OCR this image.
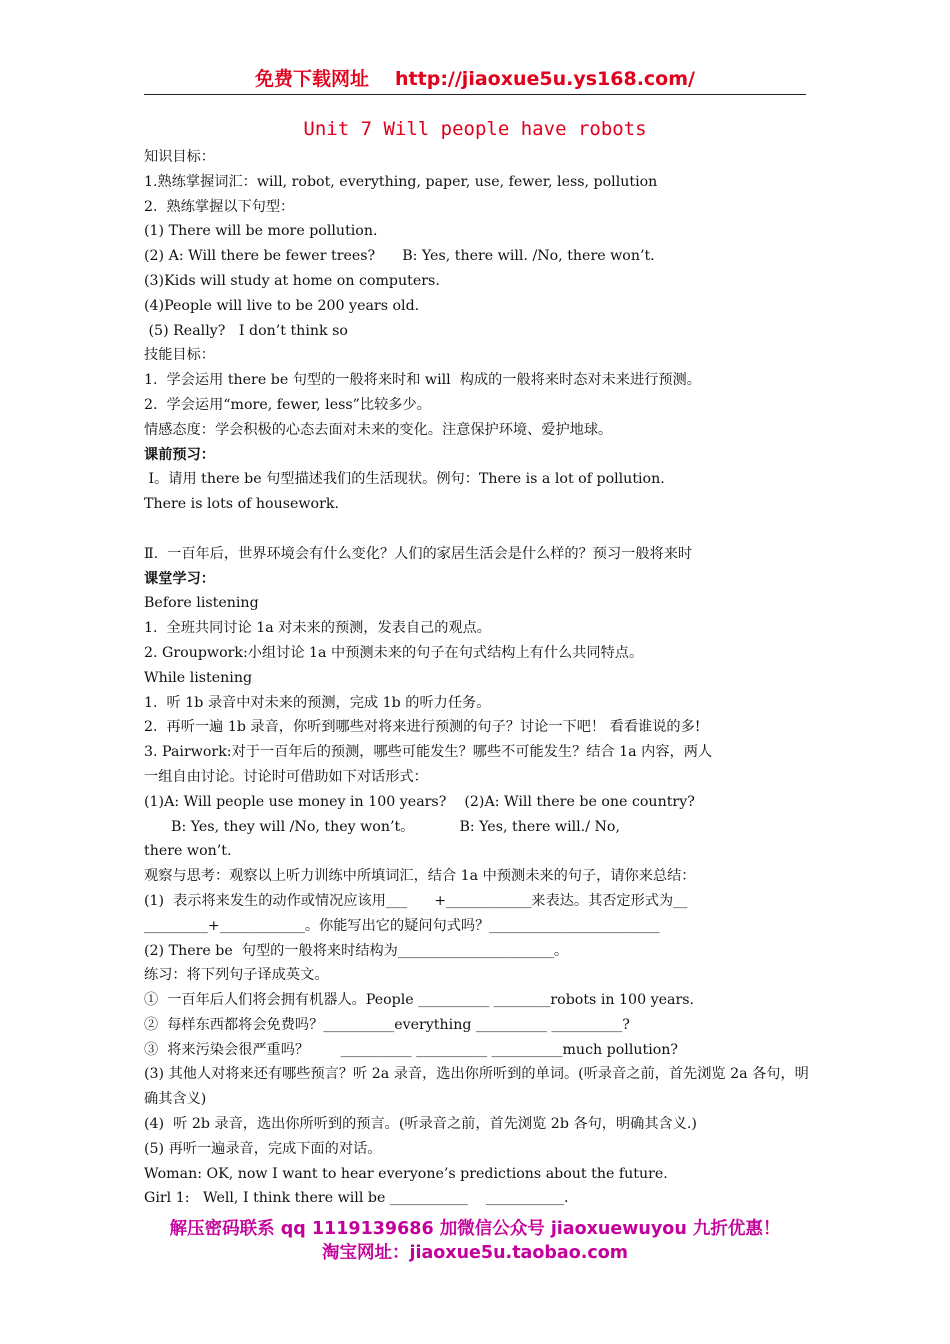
免费下载网址 http://jiaoxue5u.ys168.com/
Unit 7 Will people have robots
知识目标：
1.熟练掌握词汇：will, robot, everything, paper, use, fewer, less, pollution
2.  熟练掌握以下句型：
(1) There will be more pollution.
(2) A: Will there be fewer trees?      B: Yes, there will. /No, there won’t.
(3)Kids will study at home on computers.
(4)People will live to be 200 years old.
(5) Really?   I don’t think so
技能目标：
1.  学会运用 there be 句型的一般将来时和 will  构成的一般将来时态对未来进行预测。
2.  学会运用“more, fewer, less”比较多少。
情感态度：学会积极的心态去面对未来的变化。注意保护环境、爱护地球。
课前预习：
Ⅰ。请用 there be 句型描述我们的生活现状。例句：There is a lot of pollution.
There is lots of housework.

Ⅱ.  一百年后，世界环境会有什么变化？人们的家居生活会是什么样的？预习一般将来时
课堂学习：
Before listening
1.  全班共同讨论 1a 对未来的预测，发表自己的观点。
2. Groupwork:小组讨论 1a 中预测未来的句子在句式结构上有什么共同特点。
While listening
1.  听 1b 录音中对未来的预测，完成 1b 的听力任务。
2.  再听一遍 1b 录音，你听到哪些对将来进行预测的句子？讨论一下吧！ 看看谁说的多!
3. Pairwork:对于一百年后的预测，哪些可能发生？哪些不可能发生？结合 1a 内容，两人
一组自由讨论。讨论时可借助如下对话形式：
(1)A: Will people use money in 100 years?    (2)A: Will there be one country?
B: Yes, they will /No, they won’t。          B: Yes, there will./ No,
there won’t.
观察与思考：观察以上听力训练中所填词汇，结合 1a 中预测未来的句子，请你来总结：
(1)  表示将来发生的动作或情况应该用___      +____________来表达。其否定形式为__
_________+____________。你能写出它的疑问句式吗？________________________
(2) There be  句型的一般将来时结构为______________________。
练习：将下列句子译成英文。
①  一百年后人们将会拥有机器人。People __________ ________robots in 100 years.
②  每样东西都将会免费吗？__________everything __________ __________?
③  将来污染会很严重吗？       __________ __________ __________much pollution?
(3) 其他人对将来还有哪些预言？听 2a 录音，选出你所听到的单词。(听录音之前，首先浏览 2a 各句，明确其含义)
(4)  听 2b 录音，选出你所听到的预言。(听录音之前，首先浏览 2b 各句，明确其含义.)
(5) 再听一遍录音，完成下面的对话。
Woman: OK, now I want to hear everyone’s predictions about the future.
Girl 1:   Well, I think there will be ___________    ___________.
解压密码联系 qq 1119139686 加微信公众号 jiaoxuewuyou 九折优惠！
淘宝网址：jiaoxue5u.taobao.com
